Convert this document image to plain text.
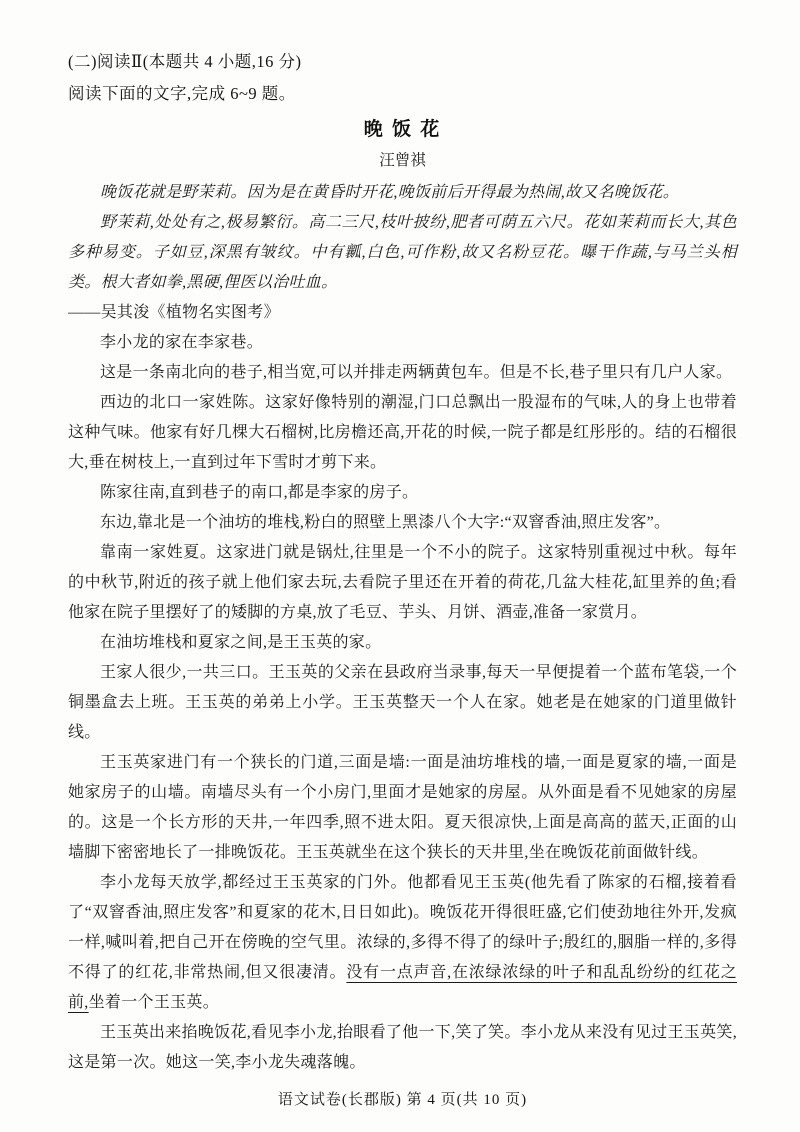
(二)阅读Ⅱ(本题共 4 小题,16 分)
阅读下面的文字,完成 6~9 题。
晚 饭 花
汪曾祺

晚饭花就是野茉莉。因为是在黄昏时开花,晚饭前后开得最为热闹,故又名晚饭花。

野茉莉,处处有之,极易繁衍。高二三尺,枝叶披纷,肥者可荫五六尺。花如茉莉而长大,其色多种易变。子如豆,深黑有皱纹。中有瓤,白色,可作粉,故又名粉豆花。曝干作蔬,与马兰头相类。根大者如拳,黑硬,俚医以治吐血。

——吴其浚《植物名实图考》

李小龙的家在李家巷。

这是一条南北向的巷子,相当宽,可以并排走两辆黄包车。但是不长,巷子里只有几户人家。

西边的北口一家姓陈。这家好像特别的潮湿,门口总飘出一股湿布的气味,人的身上也带着这种气味。他家有好几棵大石榴树,比房檐还高,开花的时候,一院子都是红彤彤的。结的石榴很大,垂在树枝上,一直到过年下雪时才剪下来。

陈家往南,直到巷子的南口,都是李家的房子。

东边,靠北是一个油坊的堆栈,粉白的照壁上黑漆八个大字:“双窨香油,照庄发客”。

靠南一家姓夏。这家进门就是锅灶,往里是一个不小的院子。这家特别重视过中秋。每年的中秋节,附近的孩子就上他们家去玩,去看院子里还在开着的荷花,几盆大桂花,缸里养的鱼;看他家在院子里摆好了的矮脚的方桌,放了毛豆、芋头、月饼、酒壶,准备一家赏月。

在油坊堆栈和夏家之间,是王玉英的家。

王家人很少,一共三口。王玉英的父亲在县政府当录事,每天一早便提着一个蓝布笔袋,一个铜墨盒去上班。王玉英的弟弟上小学。王玉英整天一个人在家。她老是在她家的门道里做针线。

王玉英家进门有一个狭长的门道,三面是墙:一面是油坊堆栈的墙,一面是夏家的墙,一面是她家房子的山墙。南墙尽头有一个小房门,里面才是她家的房屋。从外面是看不见她家的房屋的。这是一个长方形的天井,一年四季,照不进太阳。夏天很凉快,上面是高高的蓝天,正面的山墙脚下密密地长了一排晚饭花。王玉英就坐在这个狭长的天井里,坐在晚饭花前面做针线。

李小龙每天放学,都经过王玉英家的门外。他都看见王玉英(他先看了陈家的石榴,接着看了“双窨香油,照庄发客”和夏家的花木,日日如此)。晚饭花开得很旺盛,它们使劲地往外开,发疯一样,喊叫着,把自己开在傍晚的空气里。浓绿的,多得不得了的绿叶子;殷红的,胭脂一样的,多得不得了的红花,非常热闹,但又很凄清。没有一点声音,在浓绿浓绿的叶子和乱乱纷纷的红花之前,坐着一个王玉英。

王玉英出来掐晚饭花,看见李小龙,抬眼看了他一下,笑了笑。李小龙从来没有见过王玉英笑,这是第一次。她这一笑,李小龙失魂落魄。

语文试卷(长郡版) 第 4 页(共 10 页)
